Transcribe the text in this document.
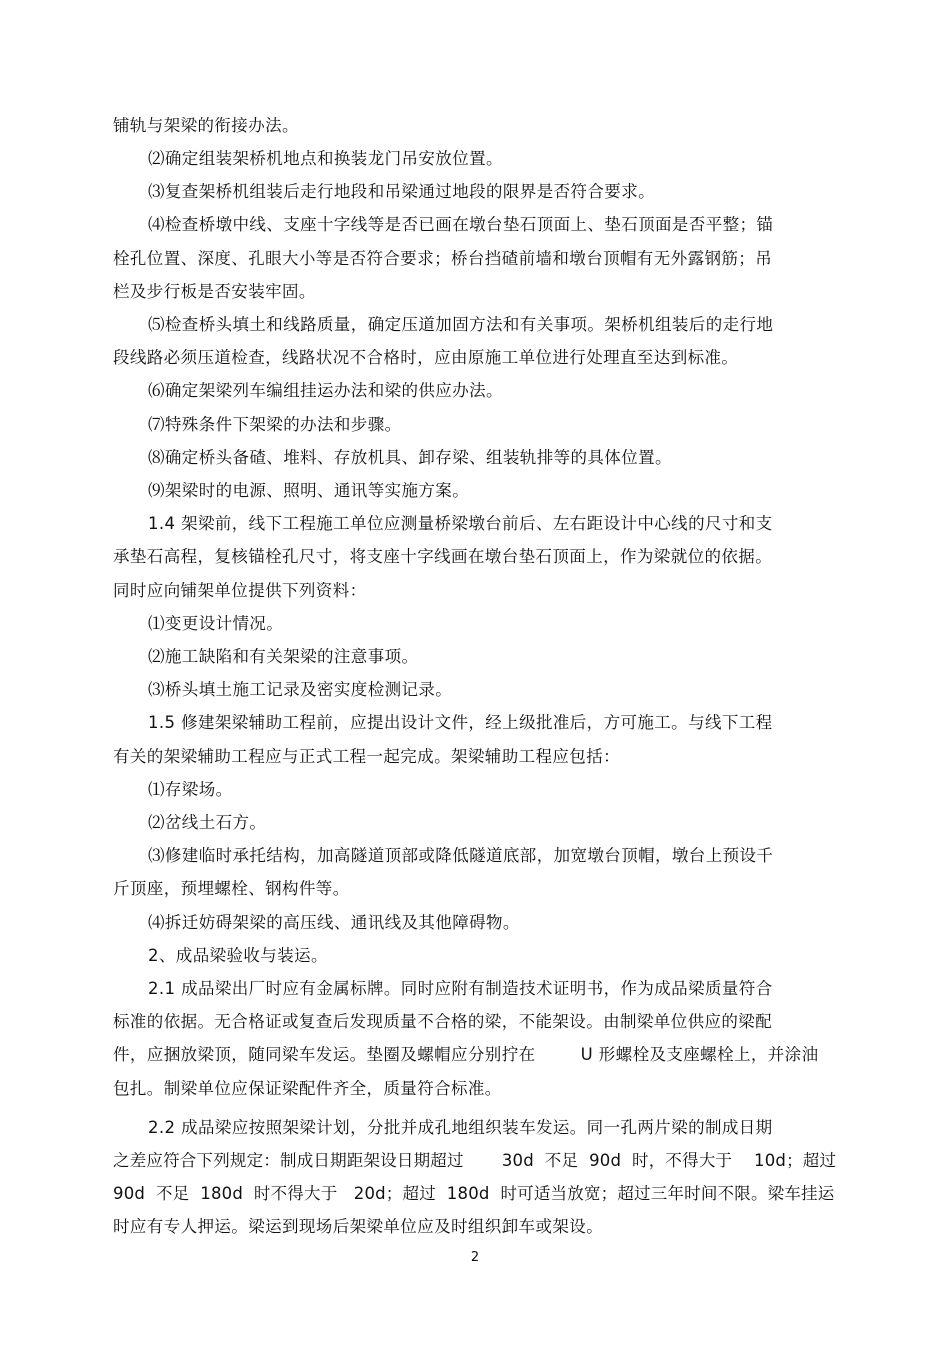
铺轨与架梁的衔接办法。
⑵确定组装架桥机地点和换装龙门吊安放位置。
⑶复查架桥机组装后走行地段和吊梁通过地段的限界是否符合要求。
⑷检查桥墩中线、支座十字线等是否已画在墩台垫石顶面上、垫石顶面是否平整；锚
栓孔位置、深度、孔眼大小等是否符合要求；桥台挡碴前墙和墩台顶帽有无外露钢筋；吊
栏及步行板是否安装牢固。
⑸检查桥头填土和线路质量，确定压道加固方法和有关事项。架桥机组装后的走行地
段线路必须压道检查，线路状况不合格时，应由原施工单位进行处理直至达到标准。
⑹确定架梁列车编组挂运办法和梁的供应办法。
⑺特殊条件下架梁的办法和步骤。
⑻确定桥头备碴、堆料、存放机具、卸存梁、组装轨排等的具体位置。
⑼架梁时的电源、照明、通讯等实施方案。
1.4 架梁前，线下工程施工单位应测量桥梁墩台前后、左右距设计中心线的尺寸和支
承垫石高程，复核锚栓孔尺寸，将支座十字线画在墩台垫石顶面上，作为梁就位的依据。
同时应向铺架单位提供下列资料：
⑴变更设计情况。
⑵施工缺陷和有关架梁的注意事项。
⑶桥头填土施工记录及密实度检测记录。
1.5 修建架梁辅助工程前，应提出设计文件，经上级批准后，方可施工。与线下工程
有关的架梁辅助工程应与正式工程一起完成。架梁辅助工程应包括：
⑴存梁场。
⑵岔线土石方。
⑶修建临时承托结构，加高隧道顶部或降低隧道底部，加宽墩台顶帽，墩台上预设千
斤顶座，预埋螺栓、钢构件等。
⑷拆迁妨碍架梁的高压线、通讯线及其他障碍物。
2、成品梁验收与装运。
2.1 成品梁出厂时应有金属标牌。同时应附有制造技术证明书，作为成品梁质量符合
标准的依据。无合格证或复查后发现质量不合格的梁，不能架设。由制梁单位供应的梁配
件，应捆放梁顶，随同梁车发运。垫圈及螺帽应分别拧在        U 形螺栓及支座螺栓上，并涂油
包扎。制梁单位应保证梁配件齐全，质量符合标准。
2.2 成品梁应按照架梁计划，分批并成孔地组织装车发运。同一孔两片梁的制成日期
之差应符合下列规定：制成日期距架设日期超过       30d  不足  90d  时，不得大于    10d；超过
90d  不足  180d  时不得大于   20d；超过  180d  时可适当放宽；超过三年时间不限。梁车挂运
时应有专人押运。梁运到现场后架梁单位应及时组织卸车或架设。
2
